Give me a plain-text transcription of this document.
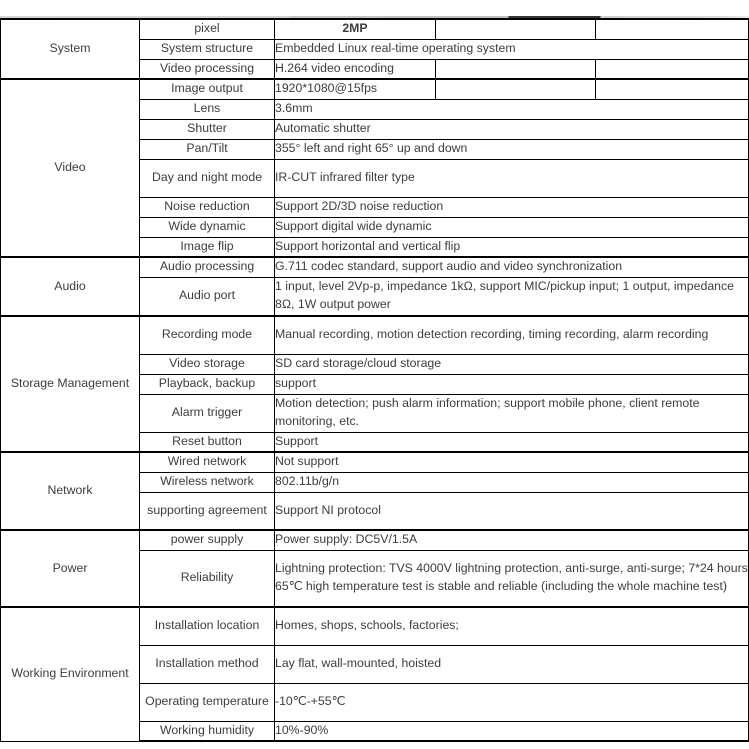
System	pixel	2MP		
	System structure	Embedded Linux real-time operating system		
	Video processing	H.264 video encoding		
Video	Image output	1920*1080@15fps		
	Lens	3.6mm		
	Shutter	Automatic shutter		
	Pan/Tilt	355° left and right 65° up and down		
	Day and night mode	IR-CUT infrared filter type		
	Noise reduction	Support 2D/3D noise reduction		
	Wide dynamic	Support digital wide dynamic		
	Image flip	Support horizontal and vertical flip		
Audio	Audio processing	G.711 codec standard, support audio and video synchronization		
	Audio port	1 input, level 2Vp-p, impedance 1kΩ, support MIC/pickup input; 1 output, impedance 8Ω, 1W output power		
Storage Management	Recording mode	Manual recording, motion detection recording, timing recording, alarm recording		
	Video storage	SD card storage/cloud storage		
	Playback, backup	support		
	Alarm trigger	Motion detection; push alarm information; support mobile phone, client remote monitoring, etc.		
	Reset button	Support		
Network	Wired network	Not support		
	Wireless network	802.11b/g/n		
	supporting agreement	Support NI protocol		
Power	power supply	Power supply: DC5V/1.5A		
	Reliability	Lightning protection: TVS 4000V lightning protection, anti-surge, anti-surge; 7*24 hours 65℃ high temperature test is stable and reliable (including the whole machine test)		
Working Environment	Installation location	Homes, shops, schools, factories;		
	Installation method	Lay flat, wall-mounted, hoisted		
	Operating temperature	-10℃-+55℃		
	Working humidity	10%-90%		
